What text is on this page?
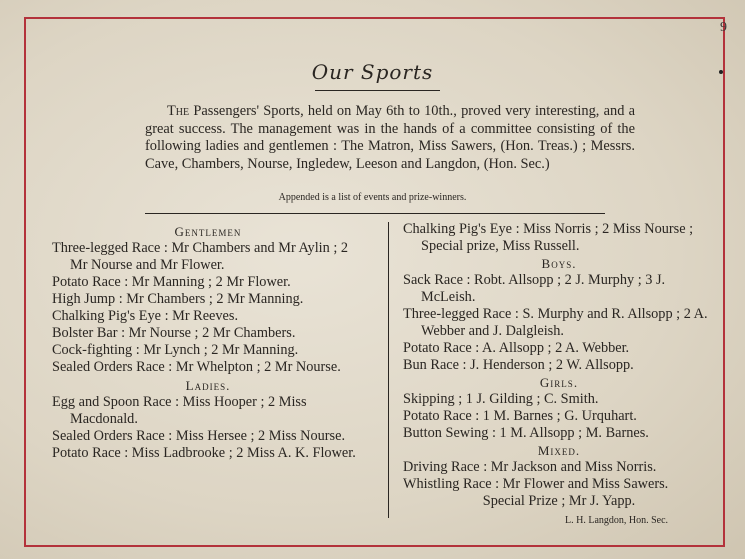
9
Our Sports
The Passengers' Sports, held on May 6th to 10th., proved very interesting, and a great success. The management was in the hands of a committee consisting of the following ladies and gentlemen : The Matron, Miss Sawers, (Hon. Treas.) ; Messrs. Cave, Chambers, Nourse, Ingledew, Leeson and Langdon, (Hon. Sec.)
Appended is a list of events and prize-winners.
Gentlemen
Three-legged Race : Mr Chambers and Mr Aylin ; 2 Mr Nourse and Mr Flower.
Potato Race : Mr Manning ; 2 Mr Flower.
High Jump : Mr Chambers ; 2 Mr Manning.
Chalking Pig's Eye : Mr Reeves.
Bolster Bar : Mr Nourse ; 2 Mr Chambers.
Cock-fighting : Mr Lynch ; 2 Mr Manning.
Sealed Orders Race : Mr Whelpton ; 2 Mr Nourse.
Ladies.
Egg and Spoon Race : Miss Hooper ; 2 Miss Macdonald.
Sealed Orders Race : Miss Hersee ; 2 Miss Nourse.
Potato Race : Miss Ladbrooke ; 2 Miss A. K. Flower.
Chalking Pig's Eye : Miss Norris ; 2 Miss Nourse ; Special prize, Miss Russell.
Boys.
Sack Race : Robt. Allsopp ; 2 J. Murphy ; 3 J. McLeish.
Three-legged Race : S. Murphy and R. Allsopp ; 2 A. Webber and J. Dalgleish.
Potato Race : A. Allsopp ; 2 A. Webber.
Bun Race : J. Henderson ; 2 W. Allsopp.
Girls.
Skipping ; 1 J. Gilding ; C. Smith.
Potato Race : 1 M. Barnes ; G. Urquhart.
Button Sewing : 1 M. Allsopp ; M. Barnes.
Mixed.
Driving Race : Mr Jackson and Miss Norris.
Whistling Race : Mr Flower and Miss Sawers.
Special Prize ; Mr J. Yapp.
L. H. Langdon, Hon. Sec.
